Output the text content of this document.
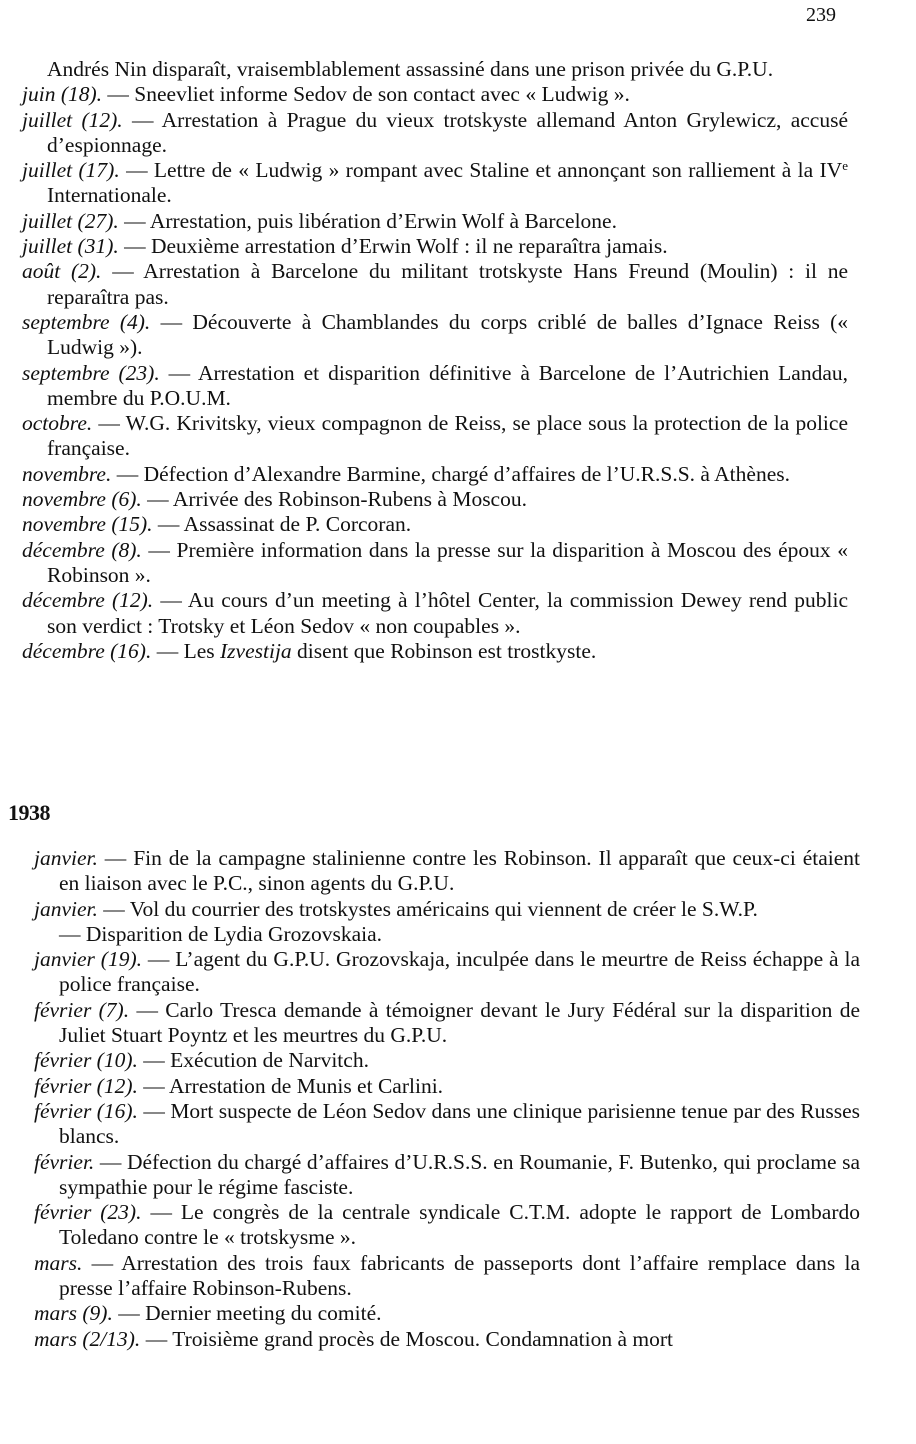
239

Andrés Nin disparaît, vraisemblablement assassiné dans une prison privée du G.P.U.

juin (18). — Sneevliet informe Sedov de son contact avec « Ludwig ».

juillet (12). — Arrestation à Prague du vieux trotskyste allemand Anton Grylewicz, accusé d’espionnage.

juillet (17). — Lettre de « Ludwig » rompant avec Staline et annonçant son ralliement à la IVe Internationale.

juillet (27). — Arrestation, puis libération d’Erwin Wolf à Barcelone.

juillet (31). — Deuxième arrestation d’Erwin Wolf : il ne reparaîtra jamais.

août (2). — Arrestation à Barcelone du militant trotskyste Hans Freund (Moulin) : il ne reparaîtra pas.

septembre (4). — Découverte à Chamblandes du corps criblé de balles d’Ignace Reiss (« Ludwig »).

septembre (23). — Arrestation et disparition définitive à Barcelone de l’Autrichien Landau, membre du P.O.U.M.

octobre. — W.G. Krivitsky, vieux compagnon de Reiss, se place sous la protection de la police française.

novembre. — Défection d’Alexandre Barmine, chargé d’affaires de l’U.R.S.S. à Athènes.

novembre (6). — Arrivée des Robinson-Rubens à Moscou.

novembre (15). — Assassinat de P. Corcoran.

décembre (8). — Première information dans la presse sur la disparition à Moscou des époux « Robinson ».

décembre (12). — Au cours d’un meeting à l’hôtel Center, la commission Dewey rend public son verdict : Trotsky et Léon Sedov « non coupables ».

décembre (16). — Les Izvestija disent que Robinson est trostkyste.

1938

janvier. — Fin de la campagne stalinienne contre les Robinson. Il apparaît que ceux-ci étaient en liaison avec le P.C., sinon agents du G.P.U.

janvier. — Vol du courrier des trotskystes américains qui viennent de créer le S.W.P.

— Disparition de Lydia Grozovskaia.

janvier (19). — L’agent du G.P.U. Grozovskaja, inculpée dans le meurtre de Reiss échappe à la police française.

février (7). — Carlo Tresca demande à témoigner devant le Jury Fédéral sur la disparition de Juliet Stuart Poyntz et les meurtres du G.P.U.

février (10). — Exécution de Narvitch.

février (12). — Arrestation de Munis et Carlini.

février (16). — Mort suspecte de Léon Sedov dans une clinique parisienne tenue par des Russes blancs.

février. — Défection du chargé d’affaires d’U.R.S.S. en Roumanie, F. Butenko, qui proclame sa sympathie pour le régime fasciste.

février (23). — Le congrès de la centrale syndicale C.T.M. adopte le rapport de Lombardo Toledano contre le « trotskysme ».

mars. — Arrestation des trois faux fabricants de passeports dont l’affaire remplace dans la presse l’affaire Robinson-Rubens.

mars (9). — Dernier meeting du comité.

mars (2/13). — Troisième grand procès de Moscou. Condamnation à mort
